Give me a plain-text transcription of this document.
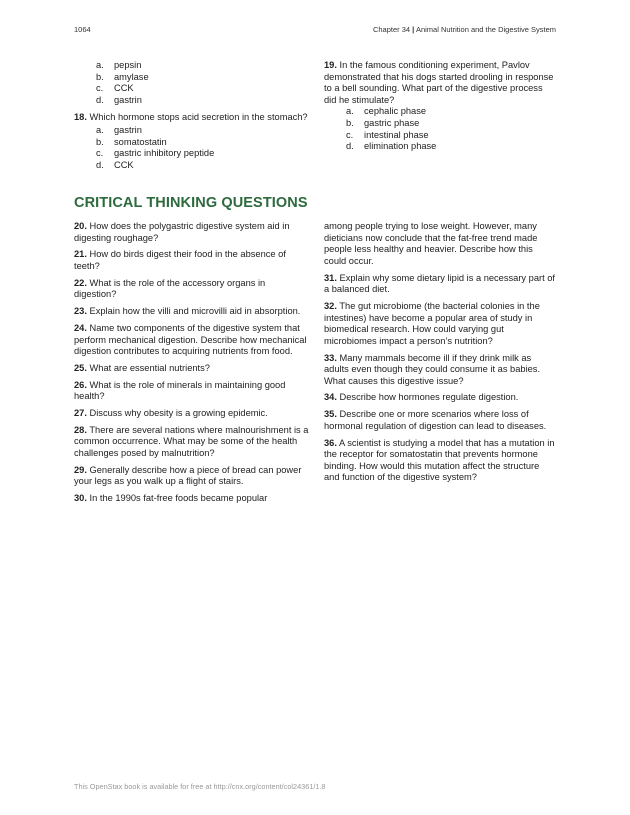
1064	Chapter 34 | Animal Nutrition and the Digestive System
a.	pepsin
b.	amylase
c.	CCK
d.	gastrin

18. Which hormone stops acid secretion in the stomach?

a.	gastrin
b.	somatostatin
c.	gastric inhibitory peptide
d.	CCK

19. In the famous conditioning experiment, Pavlov demonstrated that his dogs started drooling in response to a bell sounding. What part of the digestive process did he stimulate?

a.	cephalic phase
b.	gastric phase
c.	intestinal phase
d.	elimination phase
CRITICAL THINKING QUESTIONS

20. How does the polygastric digestive system aid in digesting roughage?

21. How do birds digest their food in the absence of teeth?

22. What is the role of the accessory organs in digestion?

23. Explain how the villi and microvilli aid in absorption.

24. Name two components of the digestive system that perform mechanical digestion. Describe how mechanical digestion contributes to acquiring nutrients from food.

25. What are essential nutrients?

26. What is the role of minerals in maintaining good health?

27. Discuss why obesity is a growing epidemic.

28. There are several nations where malnourishment is a common occurrence. What may be some of the health challenges posed by malnutrition?

29. Generally describe how a piece of bread can power your legs as you walk up a flight of stairs.

30. In the 1990s fat-free foods became popular

among people trying to lose weight. However, many dieticians now conclude that the fat-free trend made people less healthy and heavier. Describe how this could occur.

31. Explain why some dietary lipid is a necessary part of a balanced diet.

32. The gut microbiome (the bacterial colonies in the intestines) have become a popular area of study in biomedical research. How could varying gut microbiomes impact a person’s nutrition?

33. Many mammals become ill if they drink milk as adults even though they could consume it as babies. What causes this digestive issue?

34. Describe how hormones regulate digestion.

35. Describe one or more scenarios where loss of hormonal regulation of digestion can lead to diseases.

36. A scientist is studying a model that has a mutation in the receptor for somatostatin that prevents hormone binding. How would this mutation affect the structure and function of the digestive system?

This OpenStax book is available for free at http://cnx.org/content/col24361/1.8
